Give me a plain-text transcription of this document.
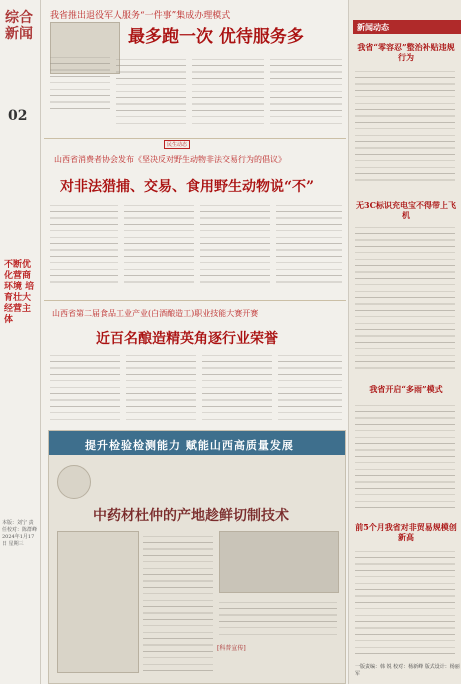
综合新闻
02
不断优化营商环境 培育壮大经营主体
本版：刘宁 责任校对：陈群峰 2024年1月17日 星期三
我省推出退役军人服务“一件事”集成办理模式
最多跑一次 优待服务多
民生动态
山西省消费者协会发布《坚决反对野生动物非法交易行为的倡议》
对非法猎捕、交易、食用野生动物说“不”
山西省第二届食品工业产业(白酒酿造工)职业技能大赛开赛
近百名酿造精英角逐行业荣誉
提升检验检测能力 赋能山西高质量发展
中药材杜仲的产地趁鲜切制技术
[科普宣传]
新闻动态
我省“零容忍”整治补贴违规行为
无3C标识充电宝不得带上飞机
我省开启“多雨”模式
前5个月我省对非贸易规模创新高
一版责编：韩 锐 校对：杨新峰 版式设计：杨丽军
